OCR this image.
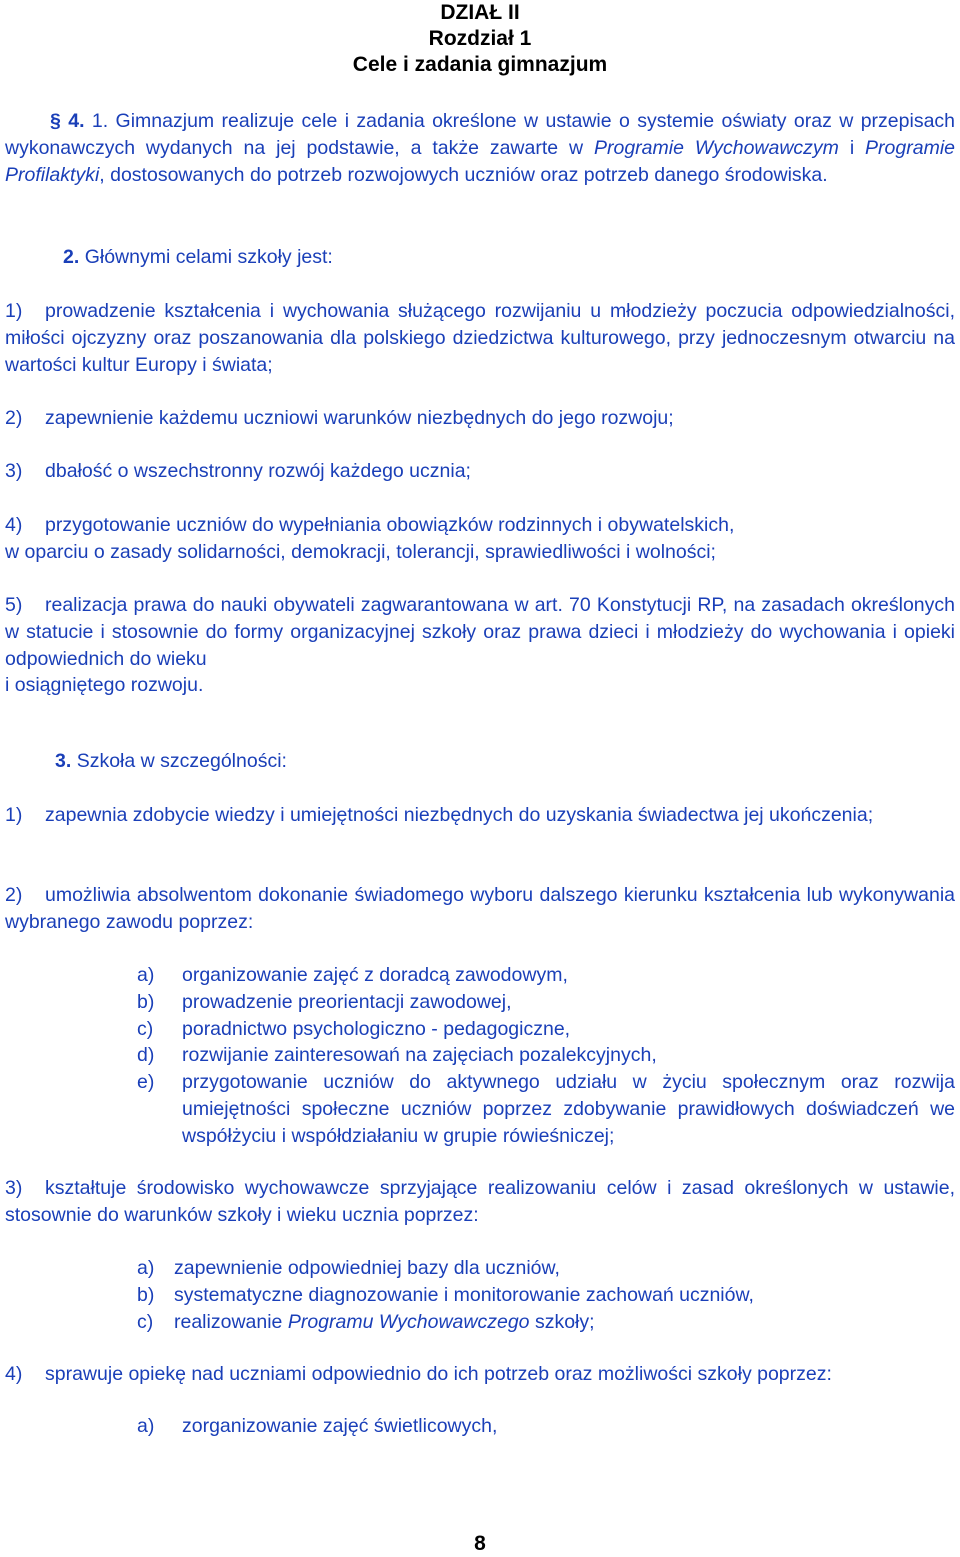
DZIAŁ II
Rozdział 1
Cele i zadania gimnazjum

§ 4. 1. Gimnazjum realizuje cele i zadania określone w ustawie o systemie oświaty oraz w przepisach wykonawczych wydanych na jej podstawie, a także zawarte w Programie Wychowawczym i Programie Profilaktyki, dostosowanych do potrzeb rozwojowych uczniów oraz potrzeb danego środowiska.

2. Głównymi celami szkoły jest:

1) prowadzenie kształcenia i wychowania służącego rozwijaniu u młodzieży poczucia odpowiedzialności, miłości ojczyzny oraz poszanowania dla polskiego dziedzictwa kulturowego, przy jednoczesnym otwarciu na wartości kultur Europy i świata;

2) zapewnienie każdemu uczniowi warunków niezbędnych do jego rozwoju;

3) dbałość o wszechstronny rozwój każdego ucznia;

4) przygotowanie uczniów do wypełniania obowiązków rodzinnych i obywatelskich,
w oparciu o zasady solidarności, demokracji, tolerancji, sprawiedliwości i wolności;

5) realizacja prawa do nauki obywateli zagwarantowana w art. 70 Konstytucji RP, na zasadach określonych w statucie i stosownie do formy organizacyjnej szkoły oraz prawa dzieci i młodzieży do wychowania i opieki odpowiednich do wieku
i osiągniętego rozwoju.

3. Szkoła w szczególności:

1) zapewnia zdobycie wiedzy i umiejętności niezbędnych do uzyskania świadectwa jej ukończenia;

2) umożliwia absolwentom dokonanie świadomego wyboru dalszego kierunku kształcenia lub wykonywania wybranego zawodu poprzez:

a)	organizowanie zajęć z doradcą zawodowym,
b)	prowadzenie preorientacji zawodowej,
c)	poradnictwo psychologiczno - pedagogiczne,
d)	rozwijanie zainteresowań na zajęciach pozalekcyjnych,
e)	przygotowanie uczniów do aktywnego udziału w życiu społecznym oraz rozwija umiejętności społeczne uczniów poprzez zdobywanie prawidłowych doświadczeń we współżyciu i współdziałaniu w grupie rówieśniczej;

3) kształtuje środowisko wychowawcze sprzyjające realizowaniu celów i zasad określonych w ustawie, stosownie do warunków szkoły i wieku ucznia poprzez:

a)	zapewnienie odpowiedniej bazy dla uczniów,
b)	systematyczne diagnozowanie i monitorowanie zachowań uczniów,
c)	realizowanie Programu Wychowawczego szkoły;

4) sprawuje opiekę nad uczniami odpowiednio do ich potrzeb oraz możliwości szkoły poprzez:

a)	zorganizowanie zajęć świetlicowych,
8
